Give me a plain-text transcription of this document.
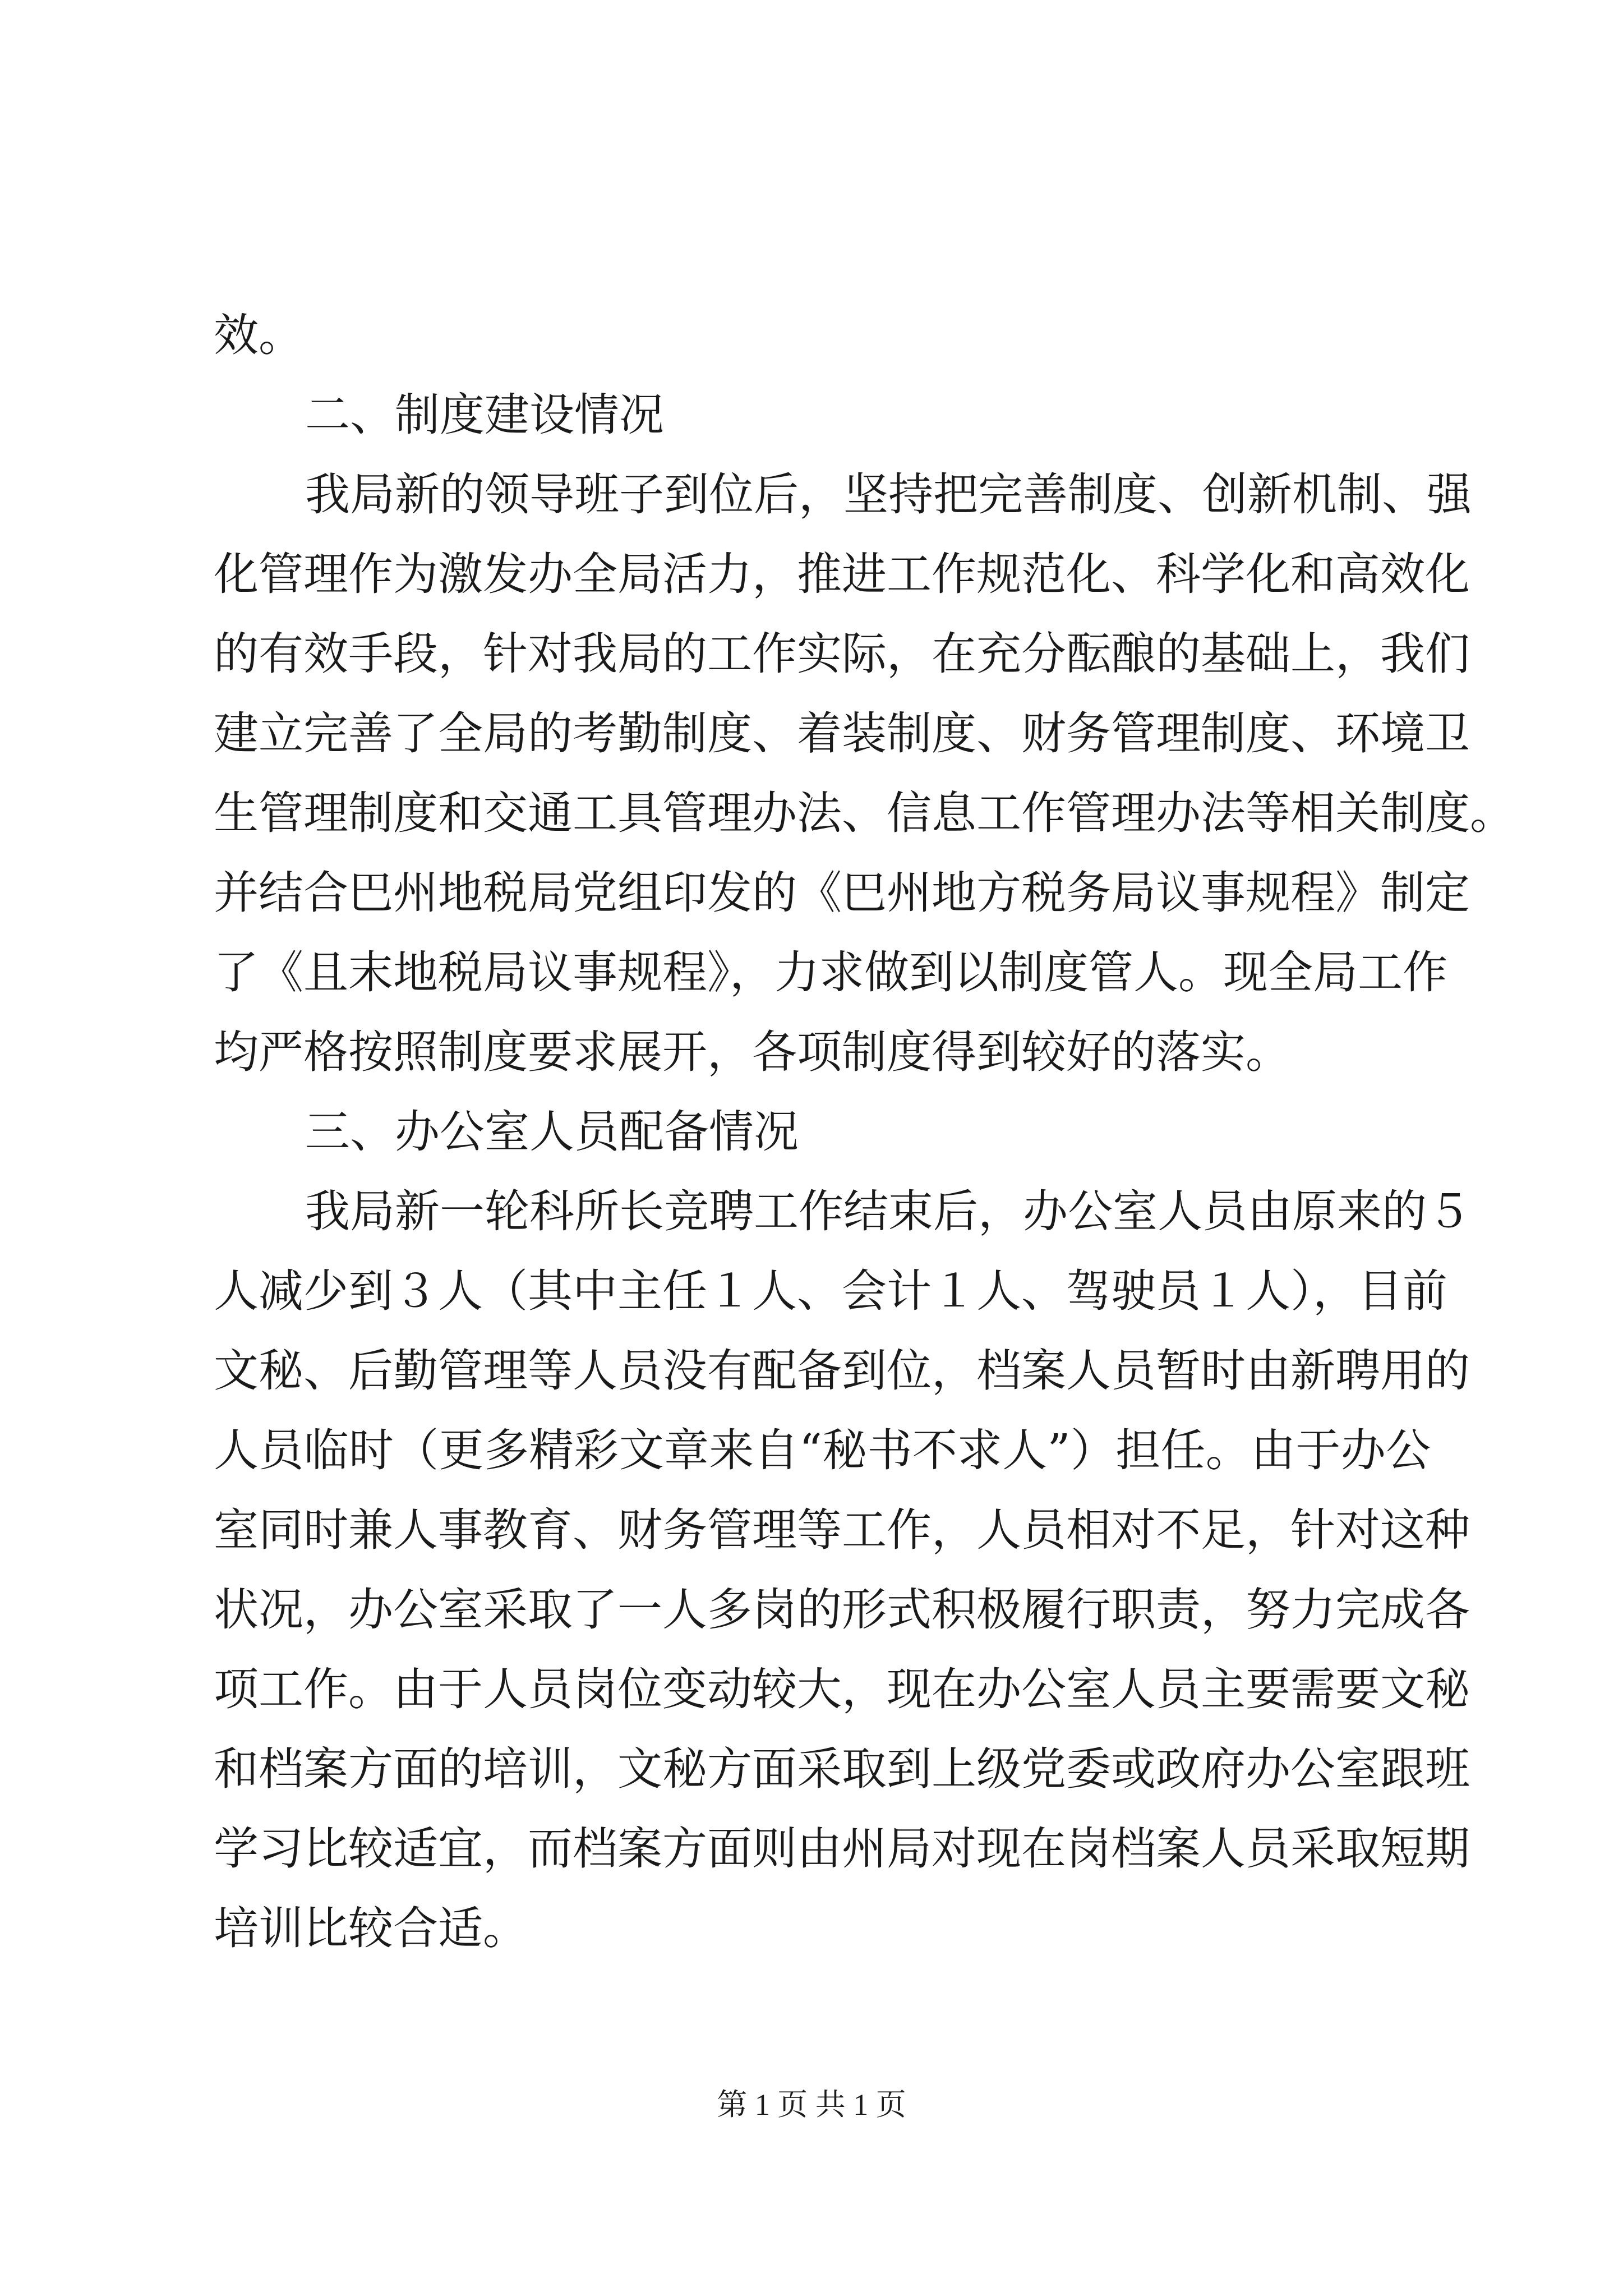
效。
二、制度建设情况
我局新的领导班子到位后，坚持把完善制度、创新机制、强
化管理作为激发办全局活力，推进工作规范化、科学化和高效化
的有效手段，针对我局的工作实际，在充分酝酿的基础上，我们
建立完善了全局的考勤制度、着装制度、财务管理制度、环境卫
生管理制度和交通工具管理办法、信息工作管理办法等相关制度。
并结合巴州地税局党组印发的《巴州地方税务局议事规程》制定
了《且末地税局议事规程》，力求做到以制度管人。现全局工作
均严格按照制度要求展开，各项制度得到较好的落实。
三、办公室人员配备情况
我局新一轮科所长竞聘工作结束后，办公室人员由原来的５
人减少到３人（其中主任１人、会计１人、驾驶员１人），目前
文秘、后勤管理等人员没有配备到位，档案人员暂时由新聘用的
人员临时（更多精彩文章来自“秘书不求人”）担任。由于办公
室同时兼人事教育、财务管理等工作，人员相对不足，针对这种
状况，办公室采取了一人多岗的形式积极履行职责，努力完成各
项工作。由于人员岗位变动较大，现在办公室人员主要需要文秘
和档案方面的培训，文秘方面采取到上级党委或政府办公室跟班
学习比较适宜，而档案方面则由州局对现在岗档案人员采取短期
培训比较合适。
第 1 页 共 1 页
